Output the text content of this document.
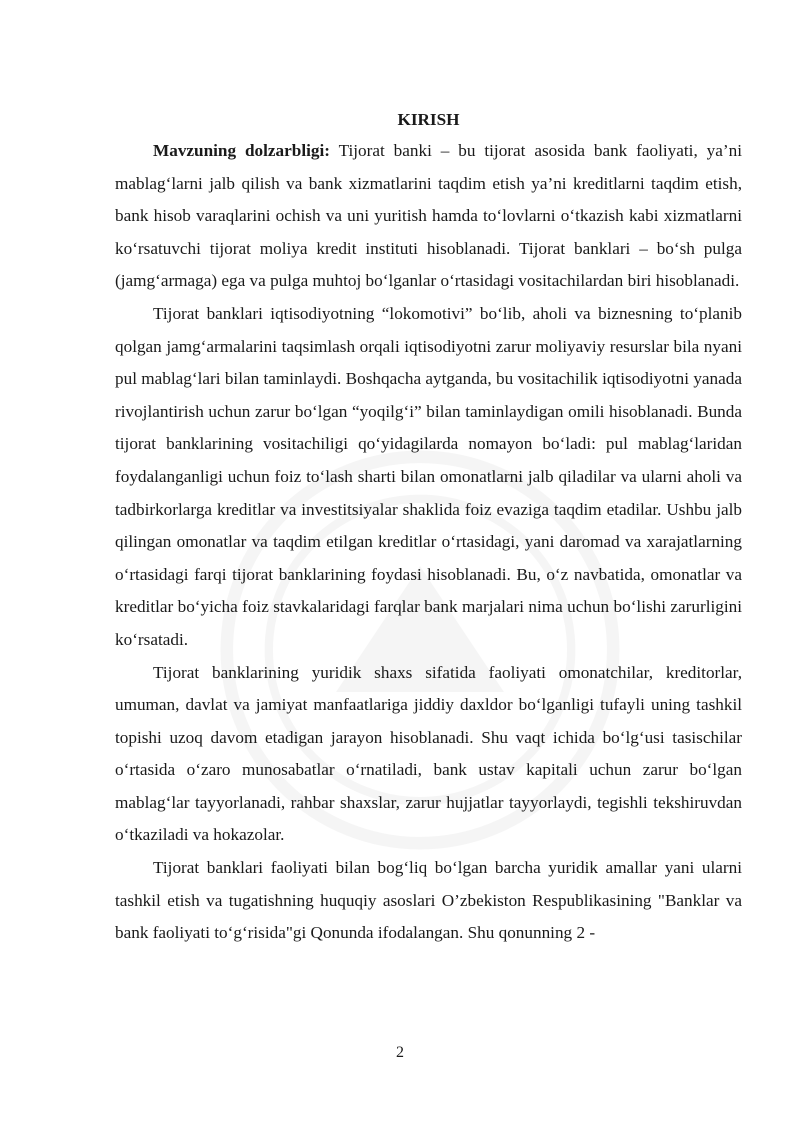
KIRISH

Mavzuning dolzarbligi: Tijorat banki – bu tijorat asosida bank faoliyati, ya’ni mablag‘larni jalb qilish va bank xizmatlarini taqdim etish ya’ni kreditlarni taqdim etish, bank hisob varaqlarini ochish va uni yuritish hamda to‘lovlarni o‘tkazish kabi xizmatlarni ko‘rsatuvchi tijorat moliya kredit instituti hisoblanadi. Tijorat banklari – bo‘sh pulga (jamg‘armaga) ega va pulga muhtoj bo‘lganlar o‘rtasidagi vositachilardan biri hisoblanadi.

Tijorat banklari iqtisodiyotning “lokomotivi” bo‘lib, aholi va biznesning to‘planib qolgan jamg‘armalarini taqsimlash orqali iqtisodiyotni zarur moliyaviy resurslar bila nyani pul mablag‘lari bilan taminlaydi. Boshqacha aytganda, bu vositachilik iqtisodiyotni yanada rivojlantirish uchun zarur bo‘lgan “yoqilg‘i” bilan taminlaydigan omili hisoblanadi. Bunda tijorat banklarining vositachiligi qo‘yidagilarda nomayon bo‘ladi: pul mablag‘laridan foydalanganligi uchun foiz to‘lash sharti bilan omonatlarni jalb qiladilar va ularni aholi va tadbirkorlarga kreditlar va investitsiyalar shaklida foiz evaziga taqdim etadilar. Ushbu jalb qilingan omonatlar va taqdim etilgan kreditlar o‘rtasidagi, yani daromad va xarajatlarning o‘rtasidagi farqi tijorat banklarining foydasi hisoblanadi. Bu, o‘z navbatida, omonatlar va kreditlar bo‘yicha foiz stavkalaridagi farqlar bank marjalari nima uchun bo‘lishi zarurligini ko‘rsatadi.

Tijorat banklarining yuridik shaxs sifatida faoliyati omonatchilar, kreditorlar, umuman, davlat va jamiyat manfaatlariga jiddiy daxldor bo‘lganligi tufayli uning tashkil topishi uzoq davom etadigan jarayon hisoblanadi. Shu vaqt ichida bo‘lg‘usi tasischilar o‘rtasida o‘zaro munosabatlar o‘rnatiladi, bank ustav kapitali uchun zarur bo‘lgan mablag‘lar tayyorlanadi, rahbar shaxslar, zarur hujjatlar tayyorlaydi, tegishli tekshiruvdan o‘tkaziladi va hokazolar.

Tijorat banklari faoliyati bilan bog‘liq bo‘lgan barcha yuridik amallar yani ularni tashkil etish va tugatishning huquqiy asoslari O’zbekiston Respublikasining "Banklar va bank faoliyati to‘g‘risida"gi Qonunda ifodalangan. Shu qonunning 2 -

2
